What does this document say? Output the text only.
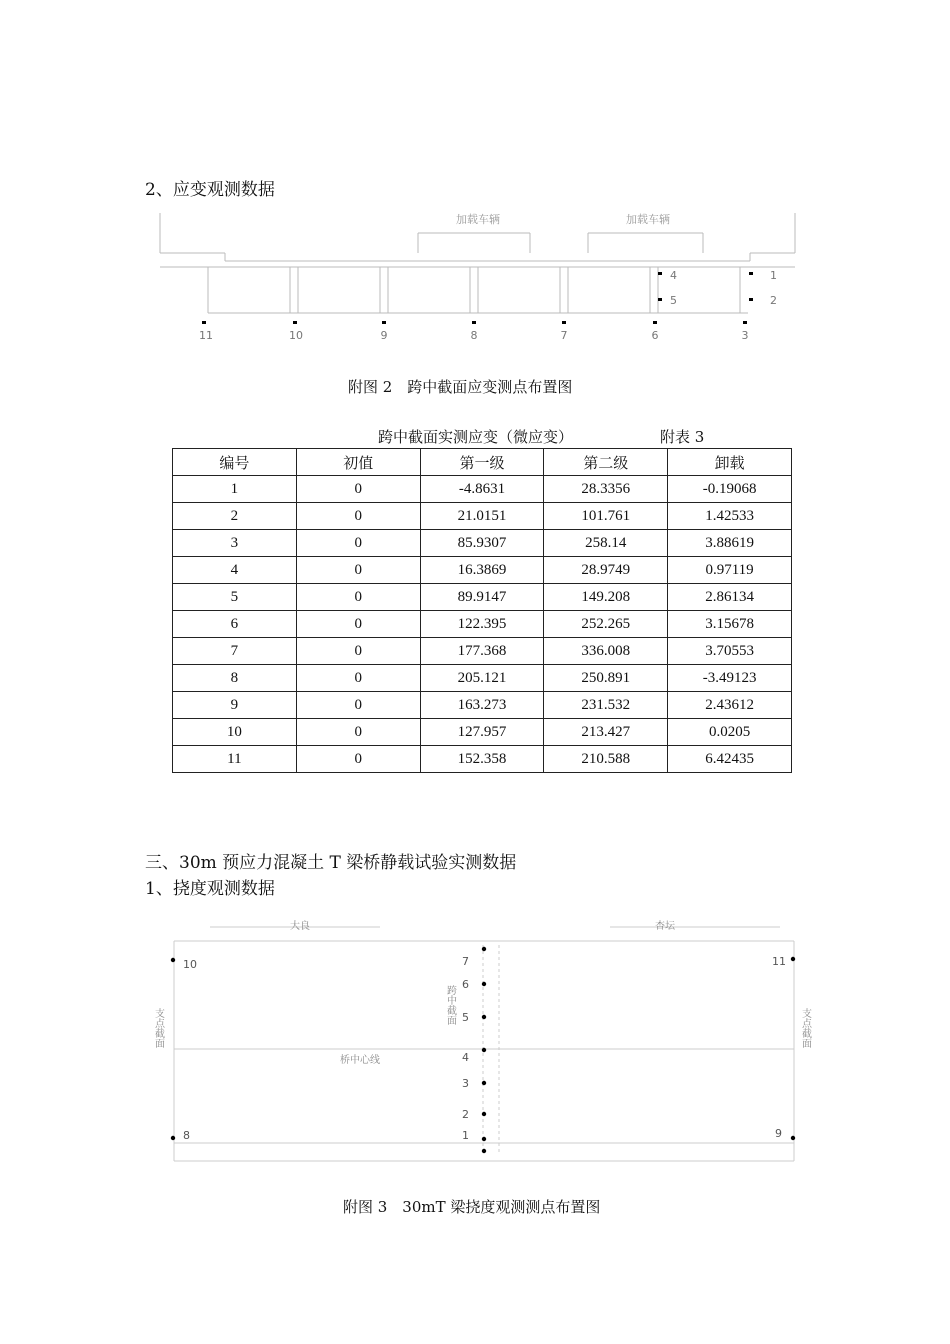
2、应变观测数据
加载车辆	加载车辆
11	10	9	8	7	6	3
4
5
1
2
附图 2　跨中截面应变测点布置图
跨中截面实测应变（微应变）	附表 3
编号	初值	第一级	第二级	卸载
1	0	-4.8631	28.3356	-0.19068
2	0	21.0151	101.761	1.42533
3	0	85.9307	258.14	3.88619
4	0	16.3869	28.9749	0.97119
5	0	89.9147	149.208	2.86134
6	0	122.395	252.265	3.15678
7	0	177.368	336.008	3.70553
8	0	205.121	250.891	-3.49123
9	0	163.273	231.532	2.43612
10	0	127.957	213.427	0.0205
11	0	152.358	210.588	6.42435
三、30m 预应力混凝土 T 梁桥静载试验实测数据
1、挠度观测数据
大良	杏坛
桥中心线
支点截面	支点截面
跨中截面
7
6
5
4
3
2
1
10
8
11
9
附图 3　30mT 梁挠度观测测点布置图
